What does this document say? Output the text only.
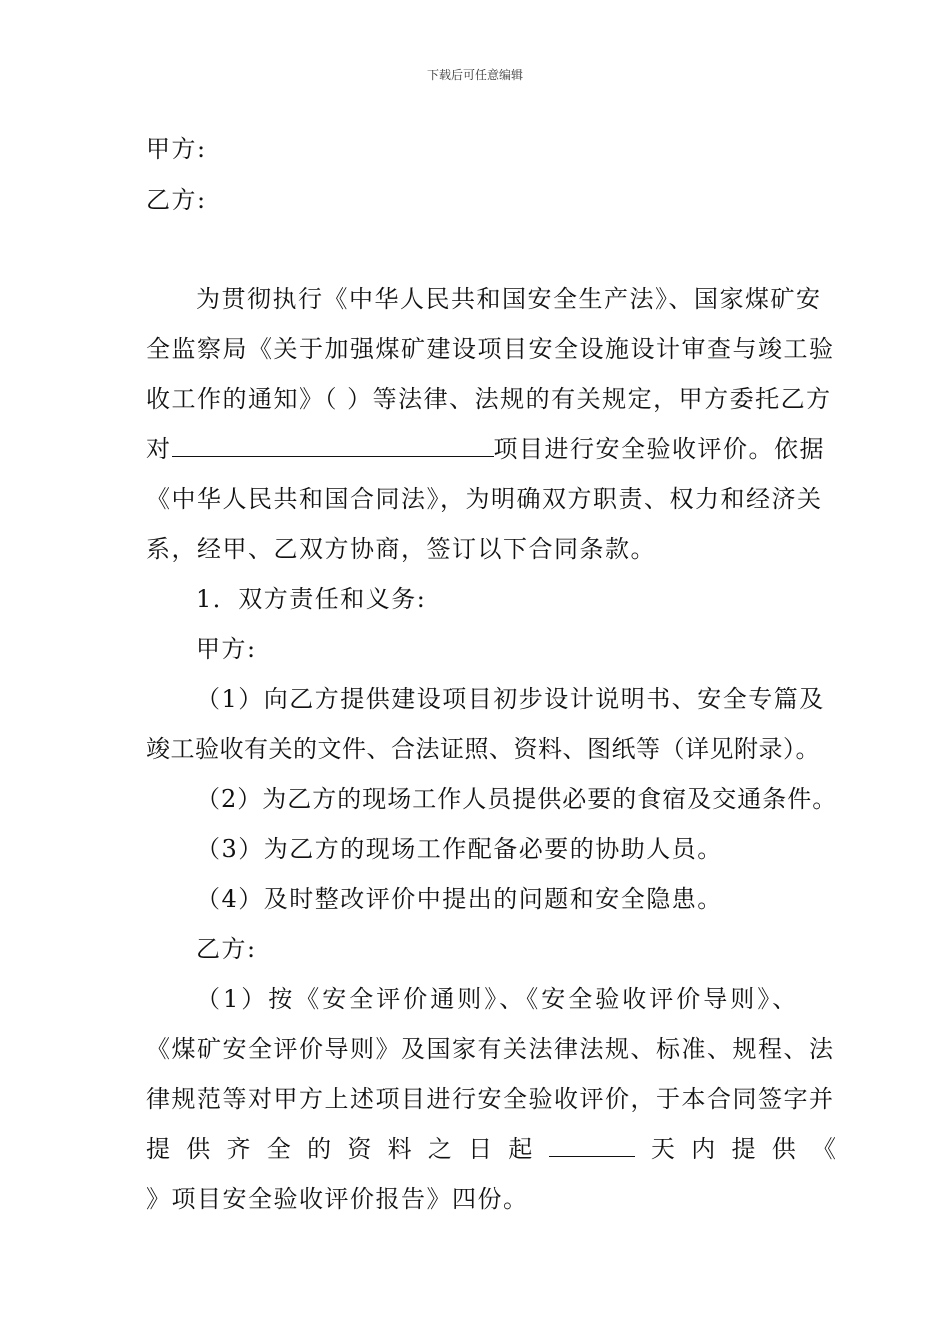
下载后可任意编辑
甲方:
乙方:
为贯彻执行《中华人民共和国安全生产法》、国家煤矿安
全监察局《关于加强煤矿建设项目安全设施设计审查与竣工验
收工作的通知》（ ）等法律、法规的有关规定，甲方委托乙方
对	项目进行安全验收评价。依据
《中华人民共和国合同法》，为明确双方职责、权力和经济关
系，经甲、乙双方协商，签订以下合同条款。
1．双方责任和义务:
甲方:
（1）向乙方提供建设项目初步设计说明书、安全专篇及
竣工验收有关的文件、合法证照、资料、图纸等（详见附录）。
（2）为乙方的现场工作人员提供必要的食宿及交通条件。
（3）为乙方的现场工作配备必要的协助人员。
（4）及时整改评价中提出的问题和安全隐患。
乙方:
（1）按《安全评价通则》、《安全验收评价导则》、
《煤矿安全评价导则》及国家有关法律法规、标准、规程、法
律规范等对甲方上述项目进行安全验收评价，于本合同签字并
提 供 齐 全 的 资 料 之 日 起	天 内 提 供 《
》项目安全验收评价报告》四份。
